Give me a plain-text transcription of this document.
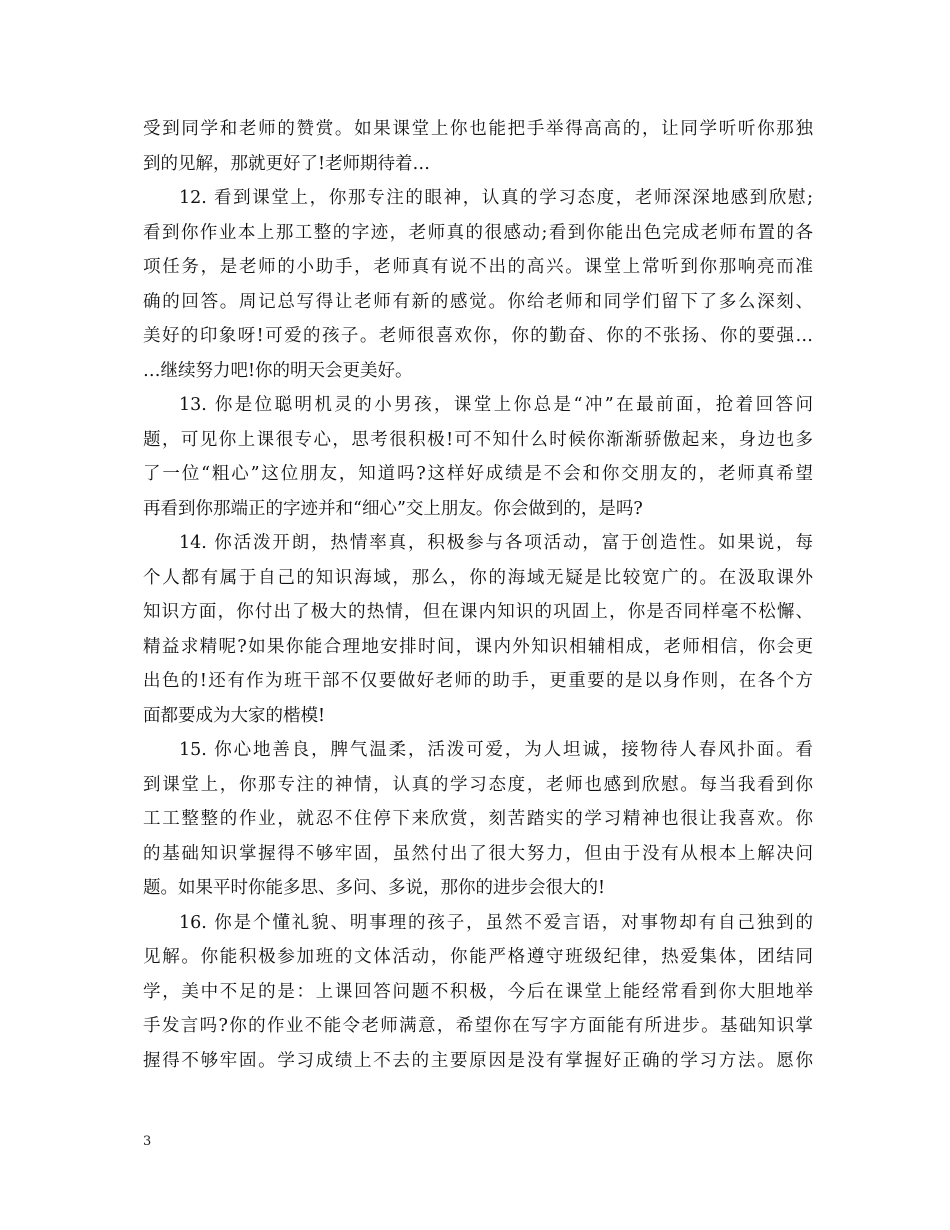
受到同学和老师的赞赏。如果课堂上你也能把手举得高高的，让同学听听你那独
到的见解，那就更好了!老师期待着…
12. 看到课堂上，你那专注的眼神，认真的学习态度，老师深深地感到欣慰;
看到你作业本上那工整的字迹，老师真的很感动;看到你能出色完成老师布置的各
项任务，是老师的小助手，老师真有说不出的高兴。课堂上常听到你那响亮而准
确的回答。周记总写得让老师有新的感觉。你给老师和同学们留下了多么深刻、
美好的印象呀!可爱的孩子。老师很喜欢你，你的勤奋、你的不张扬、你的要强…
…继续努力吧!你的明天会更美好。
13. 你是位聪明机灵的小男孩，课堂上你总是“冲”在最前面，抢着回答问
题，可见你上课很专心，思考很积极!可不知什么时候你渐渐骄傲起来，身边也多
了一位“粗心”这位朋友，知道吗?这样好成绩是不会和你交朋友的，老师真希望
再看到你那端正的字迹并和“细心”交上朋友。你会做到的，是吗?
14. 你活泼开朗，热情率真，积极参与各项活动，富于创造性。如果说，每
个人都有属于自己的知识海域，那么，你的海域无疑是比较宽广的。在汲取课外
知识方面，你付出了极大的热情，但在课内知识的巩固上，你是否同样毫不松懈、
精益求精呢?如果你能合理地安排时间，课内外知识相辅相成，老师相信，你会更
出色的!还有作为班干部不仅要做好老师的助手，更重要的是以身作则，在各个方
面都要成为大家的楷模!
15. 你心地善良，脾气温柔，活泼可爱，为人坦诚，接物待人春风扑面。看
到课堂上，你那专注的神情，认真的学习态度，老师也感到欣慰。每当我看到你
工工整整的作业，就忍不住停下来欣赏，刻苦踏实的学习精神也很让我喜欢。你
的基础知识掌握得不够牢固，虽然付出了很大努力，但由于没有从根本上解决问
题。如果平时你能多思、多问、多说，那你的进步会很大的!
16. 你是个懂礼貌、明事理的孩子，虽然不爱言语，对事物却有自己独到的
见解。你能积极参加班的文体活动，你能严格遵守班级纪律，热爱集体，团结同
学，美中不足的是：上课回答问题不积极，今后在课堂上能经常看到你大胆地举
手发言吗?你的作业不能令老师满意，希望你在写字方面能有所进步。基础知识掌
握得不够牢固。学习成绩上不去的主要原因是没有掌握好正确的学习方法。愿你
3
